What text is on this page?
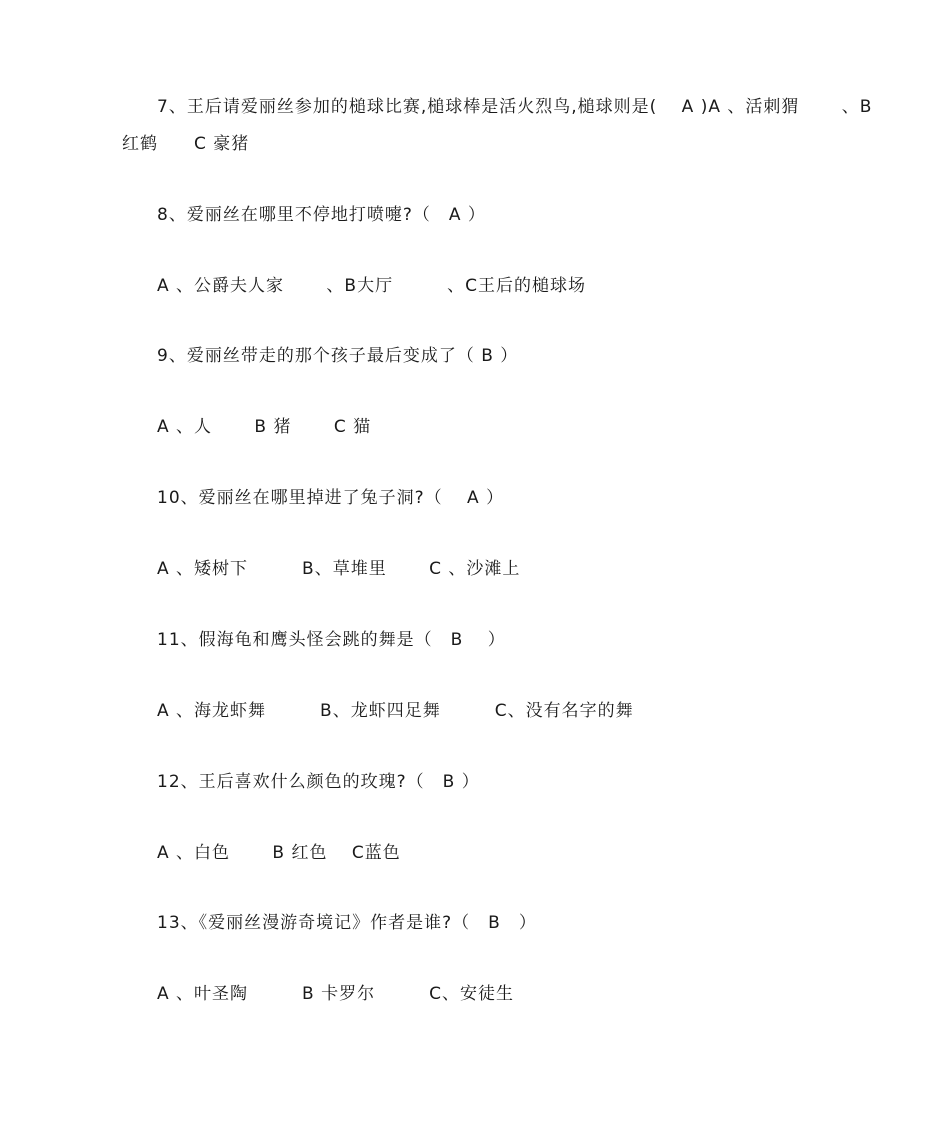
7、王后请爱丽丝参加的槌球比赛,槌球棒是活火烈鸟,槌球则是(　 A )A 、活刺猬　　 、B
红鹤　　C 豪猪
8、爱丽丝在哪里不停地打喷嚏?（　A ）
A 、公爵夫人家　　 、B大厅　　　、C王后的槌球场
9、爱丽丝带走的那个孩子最后变成了（ B ）
A 、人　　 B 猪　　 C 猫
10、爱丽丝在哪里掉进了兔子洞?（　 A ）
A 、矮树下　　　B、草堆里　　 C 、沙滩上
11、假海龟和鹰头怪会跳的舞是（　B　 ）
A 、海龙虾舞　　　B、龙虾四足舞　　　C、没有名字的舞
12、王后喜欢什么颜色的玫瑰?（　B ）
A 、白色　　 B 红色　 C蓝色
13、《爱丽丝漫游奇境记》作者是谁?（　B　）
A 、叶圣陶　　　B 卡罗尔　　　C、安徒生
